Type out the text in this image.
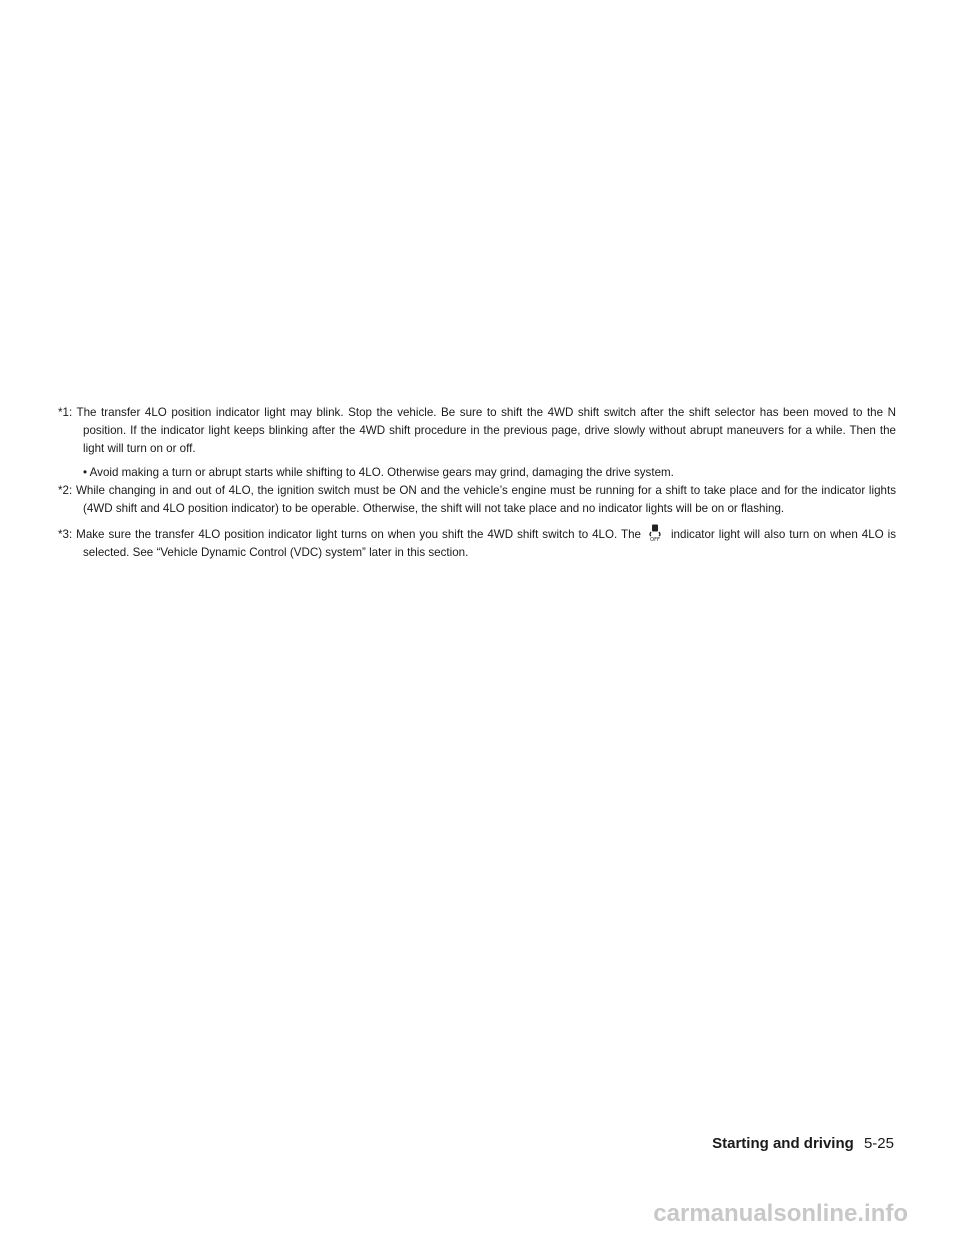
*1: The transfer 4LO position indicator light may blink. Stop the vehicle. Be sure to shift the 4WD shift switch after the shift selector has been moved to the N position. If the indicator light keeps blinking after the 4WD shift procedure in the previous page, drive slowly without abrupt maneuvers for a while. Then the light will turn on or off.

• Avoid making a turn or abrupt starts while shifting to 4LO. Otherwise gears may grind, damaging the drive system.

*2: While changing in and out of 4LO, the ignition switch must be ON and the vehicle’s engine must be running for a shift to take place and for the indicator lights (4WD shift and 4LO position indicator) to be operable. Otherwise, the shift will not take place and no indicator lights will be on or flashing.

*3: Make sure the transfer 4LO position indicator light turns on when you shift the 4WD shift switch to 4LO. The OFF indicator light will also turn on when 4LO is selected. See “Vehicle Dynamic Control (VDC) system” later in this section.

Starting and driving 5-25
carmanualsonline.info
